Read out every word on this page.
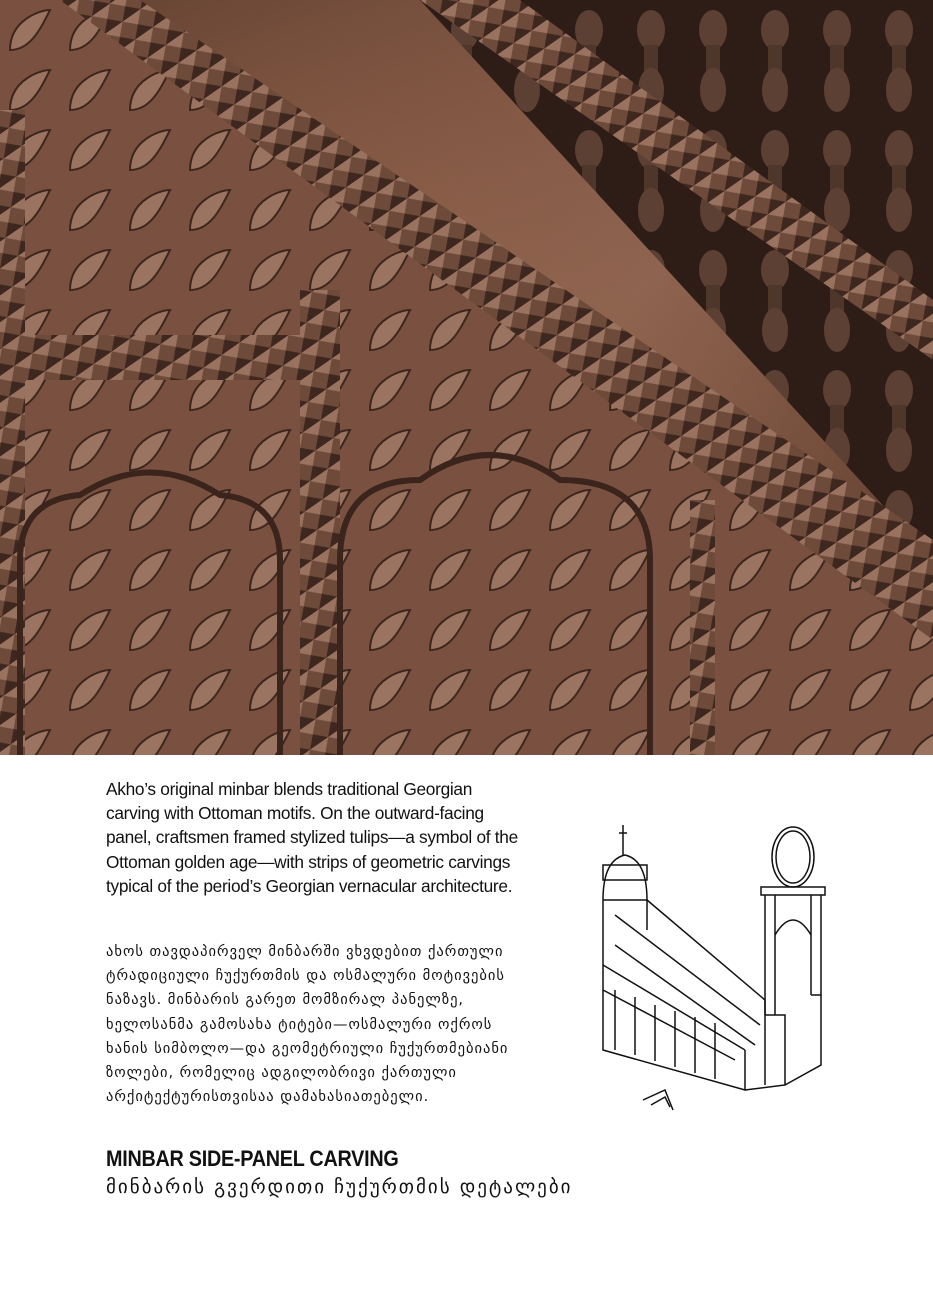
Akho’s original minbar blends traditional Georgian carving with Ottoman motifs. On the outward-facing panel, craftsmen framed stylized tulips—a symbol of the Ottoman golden age—with strips of geometric carvings typical of the period’s Georgian vernacular architecture.
ახოს თავდაპირველ მინბარში ვხვდებით ქართული ტრადიციული ჩუქურთმის და ოსმალური მოტივების ნაზავს. მინბარის გარეთ მომზირალ პანელზე, ხელოსანმა გამოსახა ტიტები—ოსმალური ოქროს ხანის სიმბოლო—და გეომეტრიული ჩუქურთმებიანი ზოლები, რომელიც ადგილობრივი ქართული არქიტექტურისთვისაა დამახასიათებელი.
MINBAR SIDE-PANEL CARVING
მინბარის გვერდითი ჩუქურთმის დეტალები
